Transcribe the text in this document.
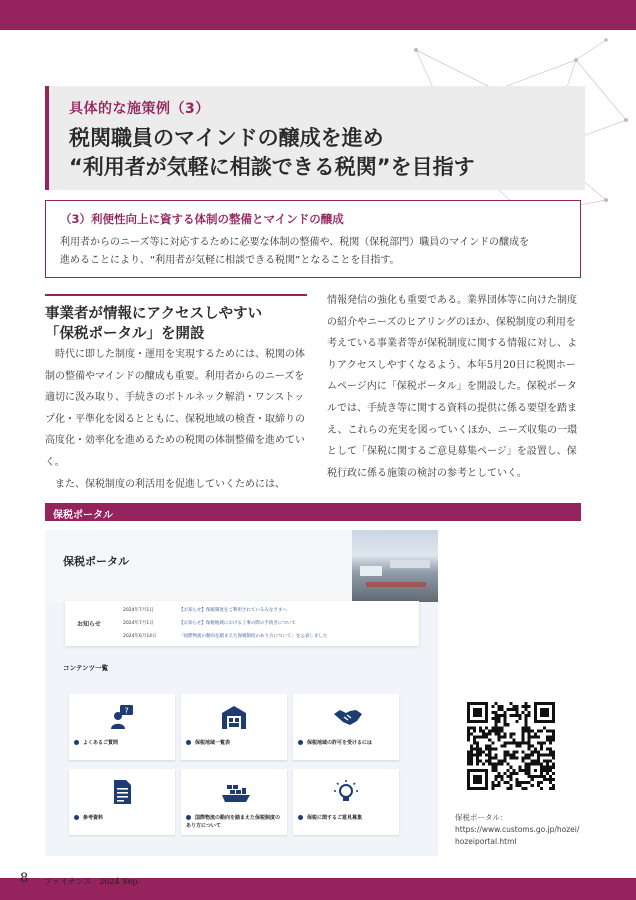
具体的な施策例（3）
税関職員のマインドの醸成を進め
“利用者が気軽に相談できる税関”を目指す
（3）利便性向上に資する体制の整備とマインドの醸成
利用者からのニーズ等に対応するために必要な体制の整備や、税関（保税部門）職員のマインドの醸成を
進めることにより、“利用者が気軽に相談できる税関”となることを目指す。
事業者が情報にアクセスしやすい
「保税ポータル」を開設

時代に即した制度・運用を実現するためには、税関の体制の整備やマインドの醸成も重要。利用者からのニーズを適切に汲み取り、手続きのボトルネック解消・ワンストップ化・平準化を図るとともに、保税地域の検査・取締りの高度化・効率化を進めるための税関の体制整備を進めていく。

また、保税制度の利活用を促進していくためには、

情報発信の強化も重要である。業界団体等に向けた制度の紹介やニーズのヒアリングのほか、保税制度の利用を考えている事業者等が保税制度に関する情報に対し、よりアクセスしやすくなるよう、本年5月20日に税関ホームページ内に「保税ポータル」を開設した。保税ポータルでは、手続き等に関する資料の提供に係る要望を踏まえ、これらの充実を図っていくほか、ニーズ収集の一環として「保税に関するご意見募集ページ」を設置し、保税行政に係る施策の検討の参考としていく。

保税ポータル
保税ポータル
お知らせ
2024年7月1日	【お知らせ】保税制度をご利用されているみなさまへ
2024年7月1日	【お知らせ】保税地域における工事の際の手続きについて
2024年6月14日	「国際物流の動向を踏まえた保税制度のあり方について」を公表しました
コンテンツ一覧
?
よくあるご質問	保税地域一覧表	保税地域の許可を受けるには
参考資料	国際物流の動向を踏まえた保税制度のあり方について
保税に関するご意見募集	保税ポータル：
https://www.customs.go.jp/hozei/
hozeiportal.html
8 ファイナンス　2024 Sep.
